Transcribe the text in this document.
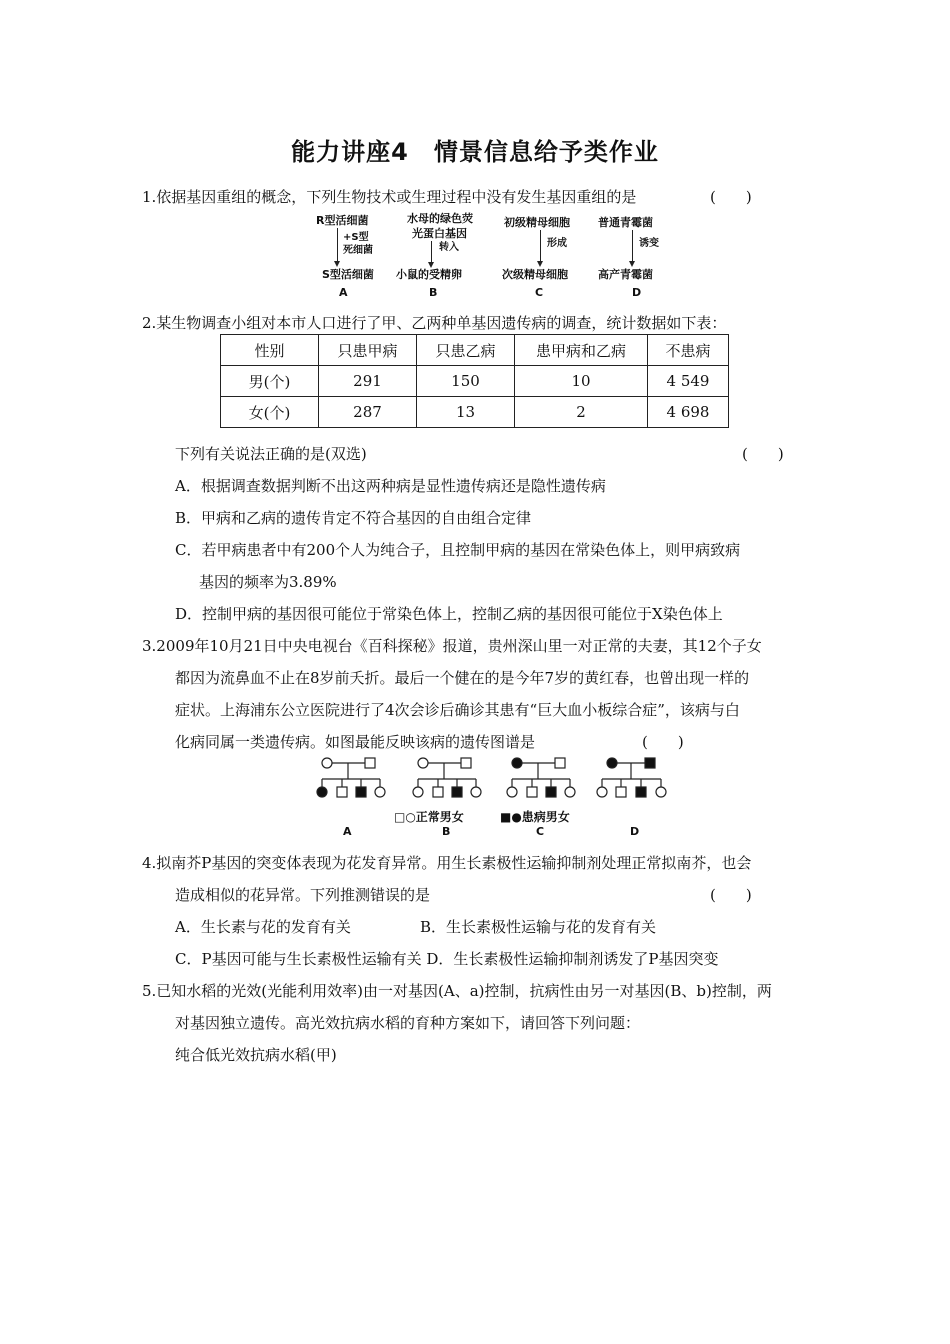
能力讲座4　情景信息给予类作业
1.依据基因重组的概念，下列生物技术或生理过程中没有发生基因重组的是	(　　)
R型活细菌
+S型
死细菌
S型活细菌
A
水母的绿色荧
光蛋白基因
转入
小鼠的受精卵
B
初级精母细胞
形成
次级精母细胞
C
普通青霉菌
诱变
高产青霉菌
D
2.某生物调查小组对本市人口进行了甲、乙两种单基因遗传病的调查，统计数据如下表：
性别	只患甲病	只患乙病	患甲病和乙病	不患病
男(个)	291	150	10	4 549
女(个)	287	13	2	4 698
下列有关说法正确的是(双选)	(　　)
A．根据调查数据判断不出这两种病是显性遗传病还是隐性遗传病
B．甲病和乙病的遗传肯定不符合基因的自由组合定律
C．若甲病患者中有200个人为纯合子，且控制甲病的基因在常染色体上，则甲病致病
基因的频率为3.89%
D．控制甲病的基因很可能位于常染色体上，控制乙病的基因很可能位于X染色体上
3.2009年10月21日中央电视台《百科探秘》报道，贵州深山里一对正常的夫妻，其12个子女
都因为流鼻血不止在8岁前夭折。最后一个健在的是今年7岁的黄红春，也曾出现一样的
症状。上海浦东公立医院进行了4次会诊后确诊其患有“巨大血小板综合症”，该病与白
化病同属一类遗传病。如图最能反映该病的遗传图谱是	(　　)
□○正常男女	■●患病男女
A	B	C	D
4.拟南芥P基因的突变体表现为花发育异常。用生长素极性运输抑制剂处理正常拟南芥，也会
造成相似的花异常。下列推测错误的是	(　　)
A．生长素与花的发育有关	B．生长素极性运输与花的发育有关
C．P基因可能与生长素极性运输有关 D．生长素极性运输抑制剂诱发了P基因突变
5.已知水稻的光效(光能利用效率)由一对基因(A、a)控制，抗病性由另一对基因(B、b)控制，两
对基因独立遗传。高光效抗病水稻的育种方案如下，请回答下列问题：
纯合低光效抗病水稻(甲)
